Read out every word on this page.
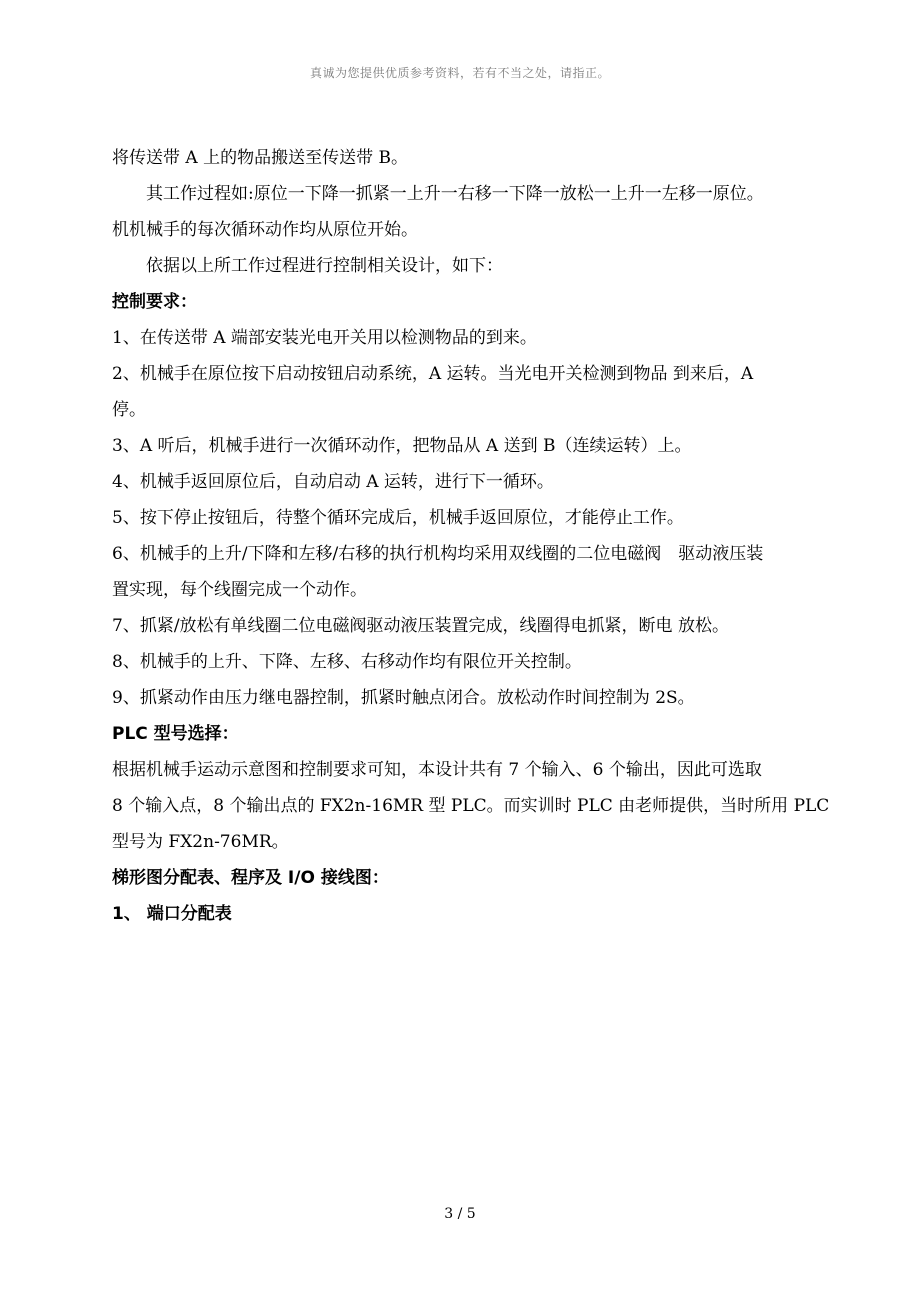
真诚为您提供优质参考资料，若有不当之处，请指正。
将传送带 A 上的物品搬送至传送带 B。
其工作过程如:原位一下降一抓紧一上升一右移一下降一放松一上升一左移一原位。
机机械手的每次循环动作均从原位开始。
依据以上所工作过程进行控制相关设计，如下：
控制要求：
1、在传送带 A 端部安装光电开关用以检测物品的到来。
2、机械手在原位按下启动按钮启动系统，A 运转。当光电开关检测到物品 到来后，A
停。
3、A 听后，机械手进行一次循环动作，把物品从 A 送到 B（连续运转）上。
4、机械手返回原位后，自动启动 A 运转，进行下一循环。
5、按下停止按钮后，待整个循环完成后，机械手返回原位，才能停止工作。
6、机械手的上升/下降和左移/右移的执行机构均采用双线圈的二位电磁阀　驱动液压装
置实现，每个线圈完成一个动作。
7、抓紧/放松有单线圈二位电磁阀驱动液压装置完成，线圈得电抓紧，断电 放松。
8、机械手的上升、下降、左移、右移动作均有限位开关控制。
9、抓紧动作由压力继电器控制，抓紧时触点闭合。放松动作时间控制为 2S。
PLC 型号选择：
根据机械手运动示意图和控制要求可知，本设计共有 7 个输入、6 个输出，因此可选取
8 个输入点，8 个输出点的 FX2n-16MR 型 PLC。而实训时 PLC 由老师提供，当时所用 PLC
型号为 FX2n-76MR。
梯形图分配表、程序及 I/O 接线图：
1、 端口分配表
3 / 5
